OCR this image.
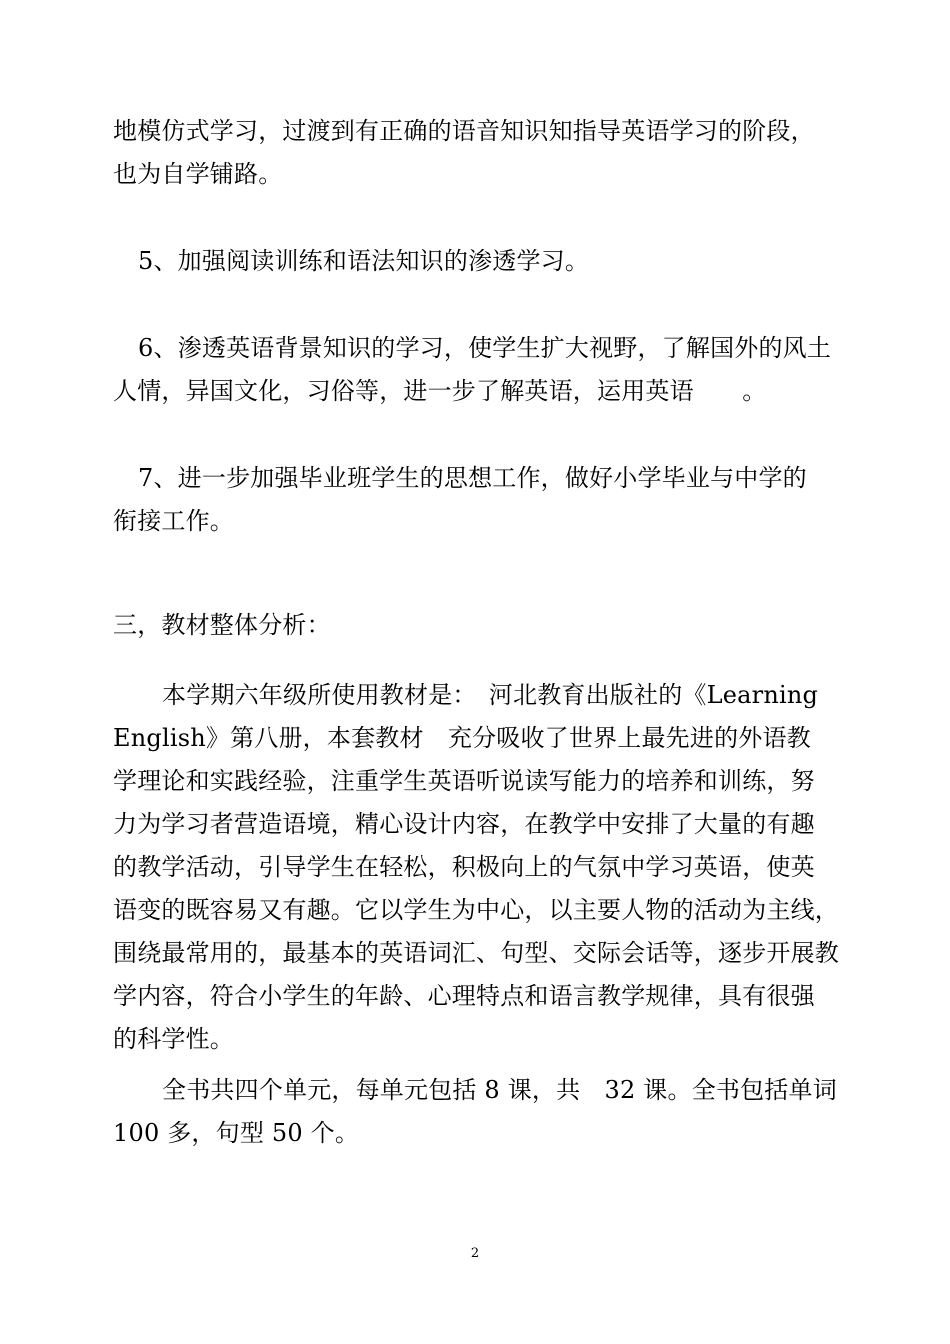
地模仿式学习，过渡到有正确的语音知识知指导英语学习的阶段，
也为自学铺路。
5、加强阅读训练和语法知识的渗透学习。
6、渗透英语背景知识的学习，使学生扩大视野，了解国外的风土
人情，异国文化，习俗等，进一步了解英语，运用英语　　。
7、进一步加强毕业班学生的思想工作，做好小学毕业与中学的
衔接工作。
三，教材整体分析：
本学期六年级所使用教材是：　河北教育出版社的《Learning
English》第八册，本套教材　充分吸收了世界上最先进的外语教
学理论和实践经验，注重学生英语听说读写能力的培养和训练，努
力为学习者营造语境，精心设计内容，在教学中安排了大量的有趣
的教学活动，引导学生在轻松，积极向上的气氛中学习英语，使英
语变的既容易又有趣。它以学生为中心，以主要人物的活动为主线，
围绕最常用的，最基本的英语词汇、句型、交际会话等，逐步开展教
学内容，符合小学生的年龄、心理特点和语言教学规律，具有很强
的科学性。
全书共四个单元，每单元包括 8 课，共　32 课。全书包括单词
100 多，句型 50 个。
2
